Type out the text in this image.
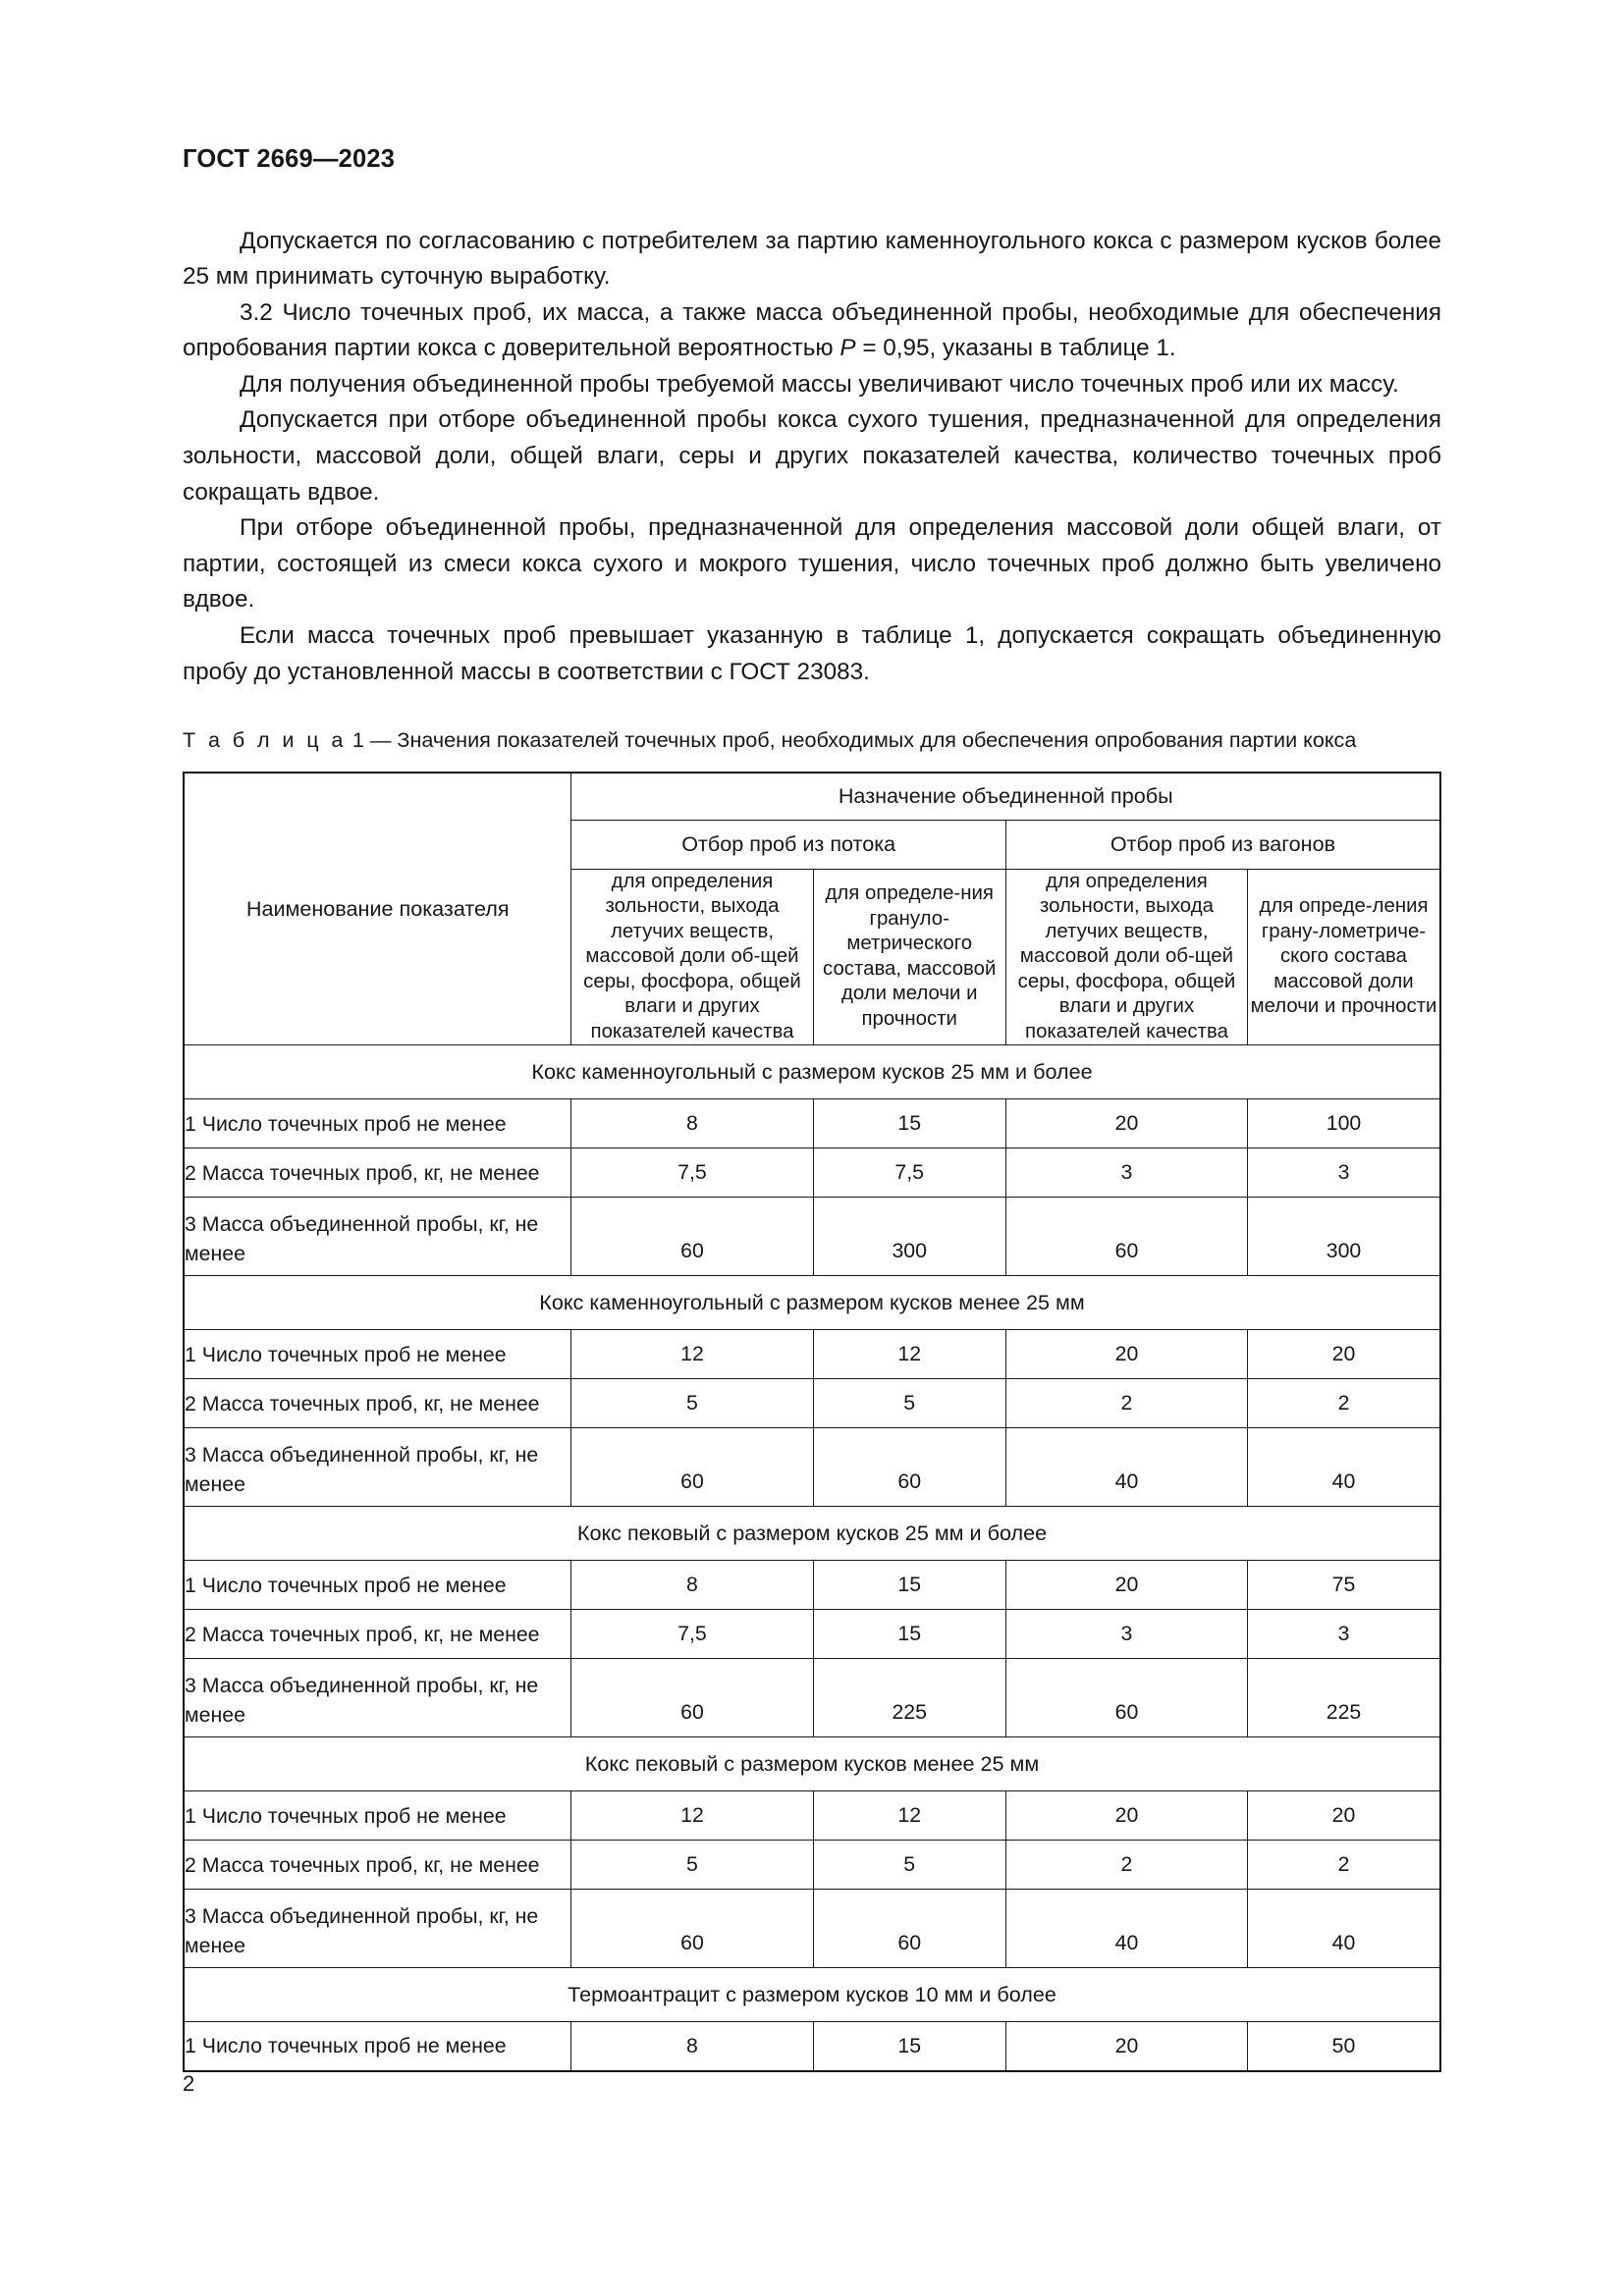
ГОСТ 2669—2023

Допускается по согласованию с потребителем за партию каменноугольного кокса с размером кусков более 25 мм принимать суточную выработку.

3.2 Число точечных проб, их масса, а также масса объединенной пробы, необходимые для обеспечения опробования партии кокса с доверительной вероятностью P = 0,95, указаны в таблице 1.

Для получения объединенной пробы требуемой массы увеличивают число точечных проб или их массу.

Допускается при отборе объединенной пробы кокса сухого тушения, предназначенной для определения зольности, массовой доли, общей влаги, серы и других показателей качества, количество точечных проб сокращать вдвое.

При отборе объединенной пробы, предназначенной для определения массовой доли общей влаги, от партии, состоящей из смеси кокса сухого и мокрого тушения, число точечных проб должно быть увеличено вдвое.

Если масса точечных проб превышает указанную в таблице 1, допускается сокращать объединенную пробу до установленной массы в соответствии с ГОСТ 23083.

Т а б л и ц а 1 — Значения показателей точечных проб, необходимых для обеспечения опробования партии кокса
Наименование показателя	Назначение объединенной пробы			
	Отбор проб из потока		Отбор проб из вагонов	
	для определения зольности, выхода летучих веществ, массовой доли об-щей серы, фосфора, общей влаги и других показателей качества	для определе-ния грануло-метрического состава, массовой доли мелочи и прочности	для определения зольности, выхода летучих веществ, массовой доли об-щей серы, фосфора, общей влаги и других показателей качества	для опреде-ления грану-лометриче-ского состава массовой доли мелочи и прочности
Кокс каменноугольный с размером кусков 25 мм и более				
1 Число точечных проб не менее	8	15	20	100
2 Масса точечных проб, кг, не менее	7,5	7,5	3	3
3 Масса объединенной пробы, кг, не менее	60	300	60	300
Кокс каменноугольный с размером кусков менее 25 мм				
1 Число точечных проб не менее	12	12	20	20
2 Масса точечных проб, кг, не менее	5	5	2	2
3 Масса объединенной пробы, кг, не менее	60	60	40	40
Кокс пековый с размером кусков 25 мм и более				
1 Число точечных проб не менее	8	15	20	75
2 Масса точечных проб, кг, не менее	7,5	15	3	3
3 Масса объединенной пробы, кг, не менее	60	225	60	225
Кокс пековый с размером кусков менее 25 мм				
1 Число точечных проб не менее	12	12	20	20
2 Масса точечных проб, кг, не менее	5	5	2	2
3 Масса объединенной пробы, кг, не менее	60	60	40	40
Термоантрацит с размером кусков 10 мм и более				
1 Число точечных проб не менее	8	15	20	50
2
